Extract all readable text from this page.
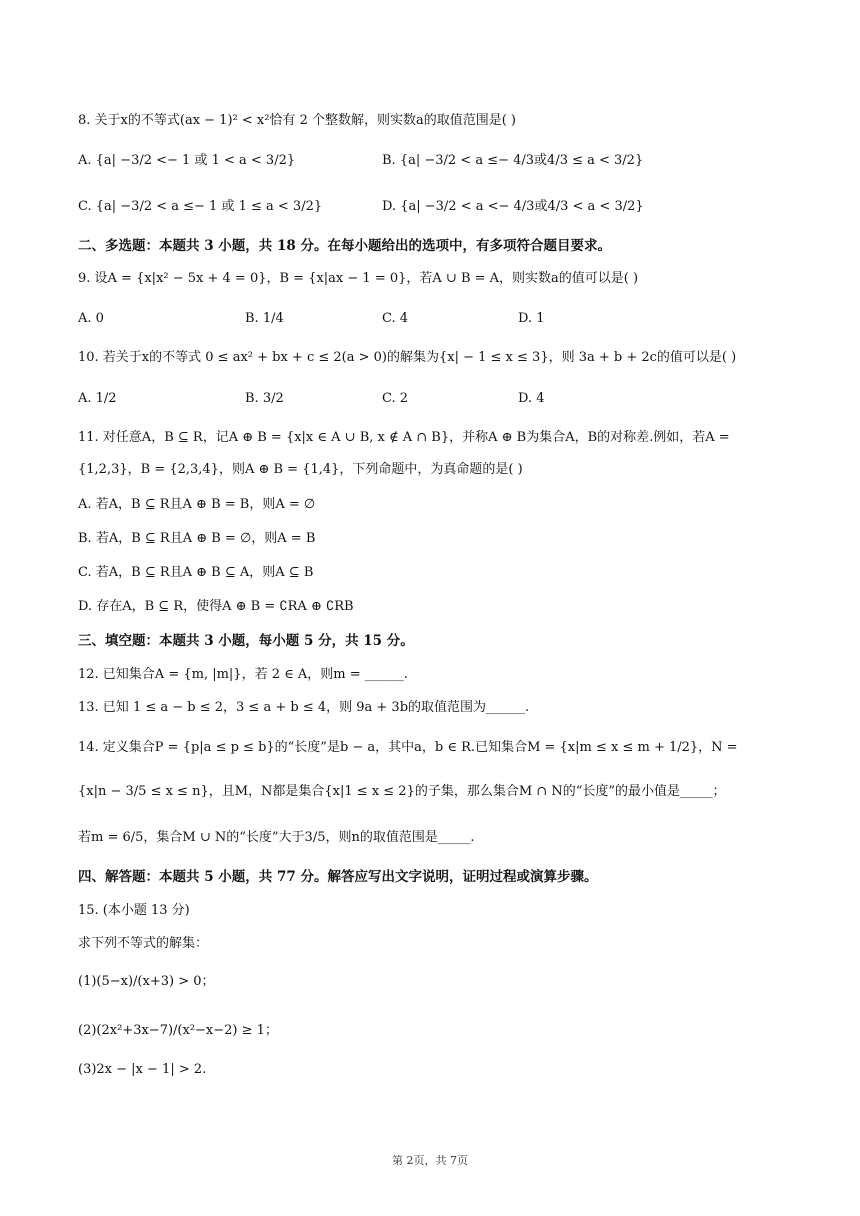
8. 关于x的不等式(ax − 1)² < x²恰有 2 个整数解，则实数a的取值范围是( )
A. {a| −3/2 <− 1 或 1 < a < 3/2}	B. {a| −3/2 < a ≤− 4/3或4/3 ≤ a < 3/2}
C. {a| −3/2 < a ≤− 1 或 1 ≤ a < 3/2}	D. {a| −3/2 < a <− 4/3或4/3 < a < 3/2}
二、多选题：本题共 3 小题，共 18 分。在每小题给出的选项中，有多项符合题目要求。
9. 设A = {x|x² − 5x + 4 = 0}，B = {x|ax − 1 = 0}，若A ∪ B = A，则实数a的值可以是( )
A. 0	B. 1/4	C. 4	D. 1
10. 若关于x的不等式 0 ≤ ax² + bx + c ≤ 2(a > 0)的解集为{x| − 1 ≤ x ≤ 3}，则 3a + b + 2c的值可以是( )
A. 1/2	B. 3/2	C. 2	D. 4
11. 对任意A，B ⊆ R，记A ⊕ B = {x|x ∈ A ∪ B, x ∉ A ∩ B}，并称A ⊕ B为集合A，B的对称差.例如，若A =
{1,2,3}，B = {2,3,4}，则A ⊕ B = {1,4}，下列命题中，为真命题的是( )
A. 若A，B ⊆ R且A ⊕ B = B，则A = ∅
B. 若A，B ⊆ R且A ⊕ B = ∅，则A = B
C. 若A，B ⊆ R且A ⊕ B ⊆ A，则A ⊆ B
D. 存在A，B ⊆ R，使得A ⊕ B = ∁RA ⊕ ∁RB
三、填空题：本题共 3 小题，每小题 5 分，共 15 分。
12. 已知集合A = {m, |m|}，若 2 ∈ A，则m = ______.
13. 已知 1 ≤ a − b ≤ 2，3 ≤ a + b ≤ 4，则 9a + 3b的取值范围为______.
14. 定义集合P = {p|a ≤ p ≤ b}的“长度”是b − a，其中a，b ∈ R.已知集合M = {x|m ≤ x ≤ m + 1/2}，N =
{x|n − 3/5 ≤ x ≤ n}，且M，N都是集合{x|1 ≤ x ≤ 2}的子集，那么集合M ∩ N的“长度”的最小值是_____；
若m = 6/5，集合M ∪ N的“长度”大于3/5，则n的取值范围是_____.
四、解答题：本题共 5 小题，共 77 分。解答应写出文字说明，证明过程或演算步骤。
15. (本小题 13 分)
求下列不等式的解集：
(1)(5−x)/(x+3) > 0；
(2)(2x²+3x−7)/(x²−x−2) ≥ 1；
(3)2x − |x − 1| > 2.
第 2页，共 7页
